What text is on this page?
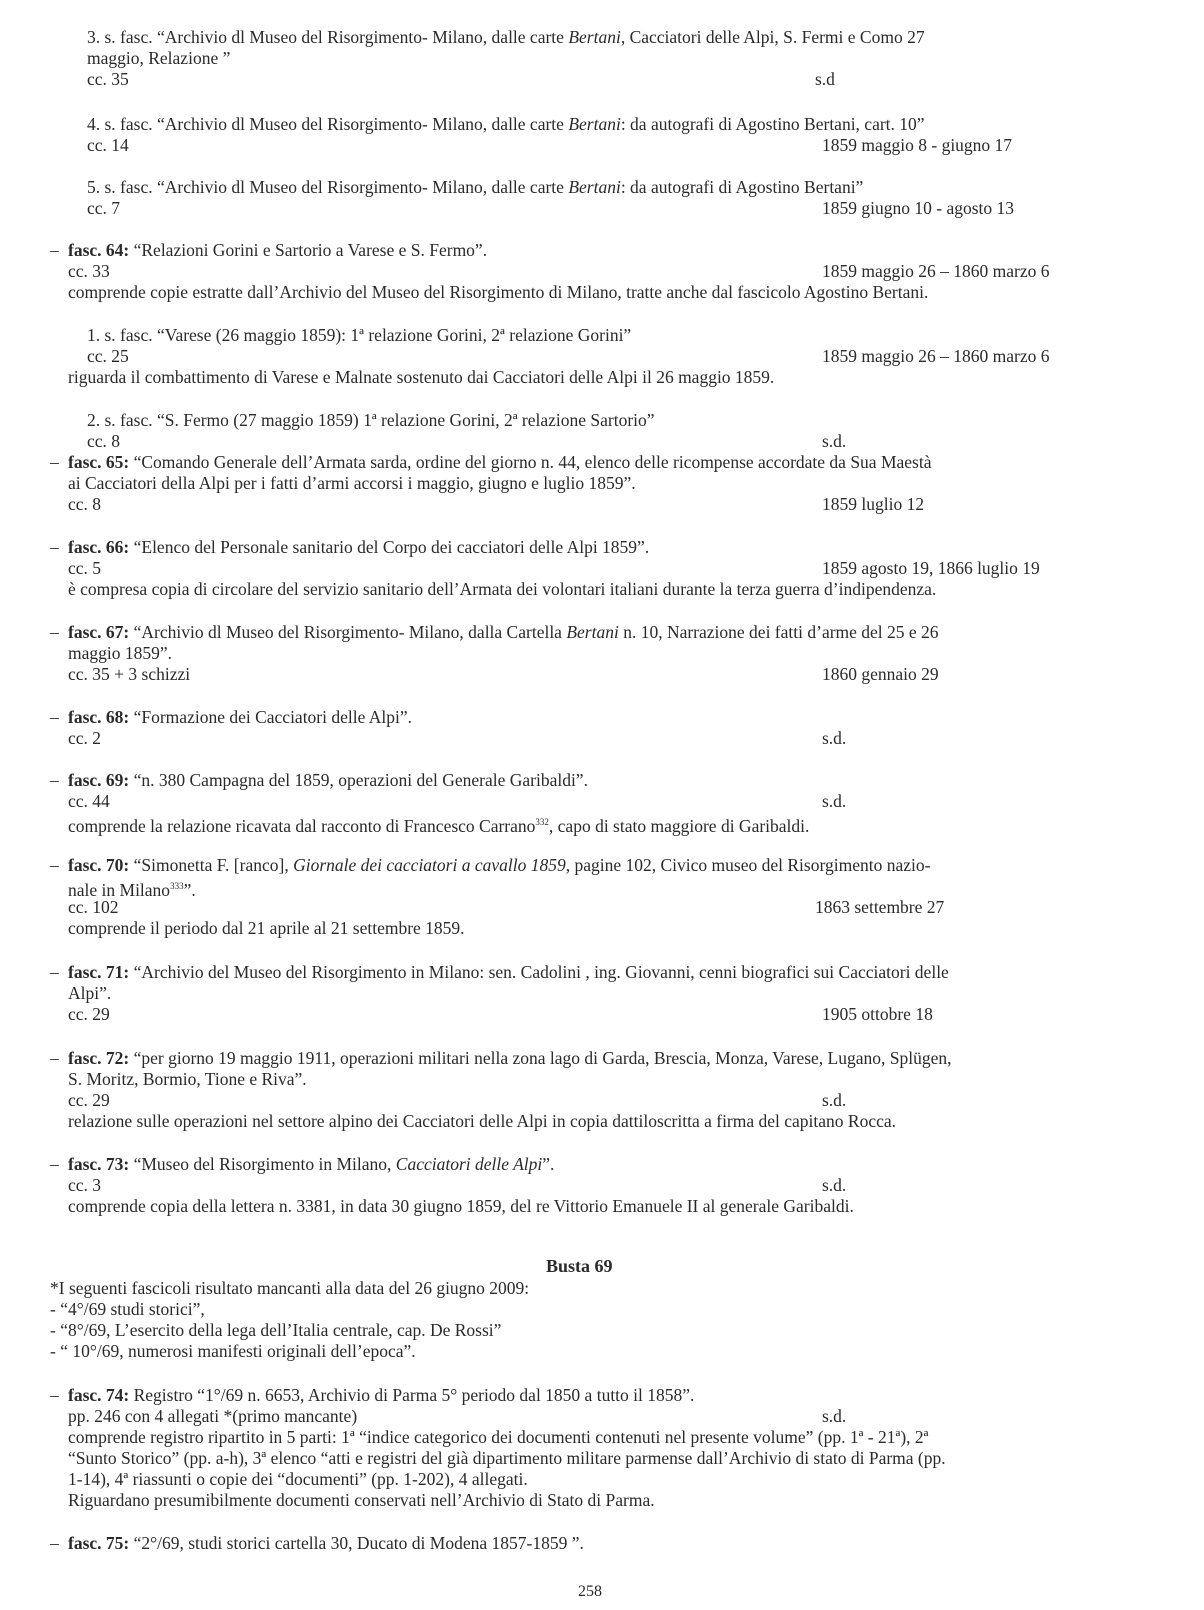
3. s. fasc. “Archivio dl Museo del Risorgimento- Milano, dalle carte Bertani, Cacciatori delle Alpi, S. Fermi e Como 27
maggio, Relazione ”
cc. 35	s.d
4. s. fasc. “Archivio dl Museo del Risorgimento- Milano, dalle carte Bertani: da autografi di Agostino Bertani, cart. 10”
cc. 14	1859 maggio 8 - giugno 17
5. s. fasc. “Archivio dl Museo del Risorgimento- Milano, dalle carte Bertani: da autografi di Agostino Bertani”
cc. 7	1859 giugno 10 - agosto 13
– fasc. 64: “Relazioni Gorini e Sartorio a Varese e S. Fermo”.
cc. 33	1859 maggio 26 – 1860 marzo 6
comprende copie estratte dall’Archivio del Museo del Risorgimento di Milano, tratte anche dal fascicolo Agostino Bertani.
1. s. fasc. “Varese (26 maggio 1859): 1ª relazione Gorini, 2ª relazione Gorini”
cc. 25	1859 maggio 26 – 1860 marzo 6
riguarda il combattimento di Varese e Malnate sostenuto dai Cacciatori delle Alpi il 26 maggio 1859.
2. s. fasc. “S. Fermo (27 maggio 1859) 1ª relazione Gorini, 2ª relazione Sartorio”
cc. 8	s.d.
– fasc. 65: “Comando Generale dell’Armata sarda, ordine del giorno n. 44, elenco delle ricompense accordate da Sua Maestà
ai Cacciatori della Alpi per i fatti d’armi accorsi i maggio, giugno e luglio 1859”.
cc. 8	1859 luglio 12
– fasc. 66: “Elenco del Personale sanitario del Corpo dei cacciatori delle Alpi 1859”.
cc. 5	1859 agosto 19, 1866 luglio 19
è compresa copia di circolare del servizio sanitario dell’Armata dei volontari italiani durante la terza guerra d’indipendenza.
– fasc. 67: “Archivio dl Museo del Risorgimento- Milano, dalla Cartella Bertani n. 10, Narrazione dei fatti d’arme del 25 e 26
maggio 1859”.
cc. 35 + 3 schizzi	1860 gennaio 29
– fasc. 68: “Formazione dei Cacciatori delle Alpi”.
cc. 2	s.d.
– fasc. 69: “n. 380 Campagna del 1859, operazioni del Generale Garibaldi”.
cc. 44	s.d.
comprende la relazione ricavata dal racconto di Francesco Carrano$^{332}$, capo di stato maggiore di Garibaldi.
– fasc. 70: “Simonetta F. [ranco], Giornale dei cacciatori a cavallo 1859, pagine 102, Civico museo del Risorgimento nazio-
nale in Milano$^{333}$”.
cc. 102	1863 settembre 27
comprende il periodo dal 21 aprile al 21 settembre 1859.
– fasc. 71: “Archivio del Museo del Risorgimento in Milano: sen. Cadolini , ing. Giovanni, cenni biografici sui Cacciatori delle
Alpi”.
cc. 29	1905 ottobre 18
– fasc. 72: “per giorno 19 maggio 1911, operazioni militari nella zona lago di Garda, Brescia, Monza, Varese, Lugano, Splügen,
S. Moritz, Bormio, Tione e Riva”.
cc. 29	s.d.
relazione sulle operazioni nel settore alpino dei Cacciatori delle Alpi in copia dattiloscritta a firma del capitano Rocca.
– fasc. 73: “Museo del Risorgimento in Milano, Cacciatori delle Alpi”.
cc. 3	s.d.
comprende copia della lettera n. 3381, in data 30 giugno 1859, del re Vittorio Emanuele II al generale Garibaldi.
Busta 69
*I seguenti fascicoli risultato mancanti alla data del 26 giugno 2009:
- “4°/69 studi storici”,
- “8°/69, L’esercito della lega dell’Italia centrale, cap. De Rossi”
- “ 10°/69, numerosi manifesti originali dell’epoca”.
– fasc. 74: Registro “1°/69 n. 6653, Archivio di Parma 5° periodo dal 1850 a tutto il 1858”.
pp. 246 con 4 allegati *(primo mancante)	s.d.
comprende registro ripartito in 5 parti: 1ª “indice categorico dei documenti contenuti nel presente volume” (pp. 1ª - 21ª), 2ª
“Sunto Storico” (pp. a-h), 3ª elenco “atti e registri del già dipartimento militare parmense dall’Archivio di stato di Parma (pp.
1-14), 4ª riassunti o copie dei “documenti” (pp. 1-202), 4 allegati.
Riguardano presumibilmente documenti conservati nell’Archivio di Stato di Parma.
– fasc. 75: “2°/69, studi storici cartella 30, Ducato di Modena 1857-1859 ”.
258
